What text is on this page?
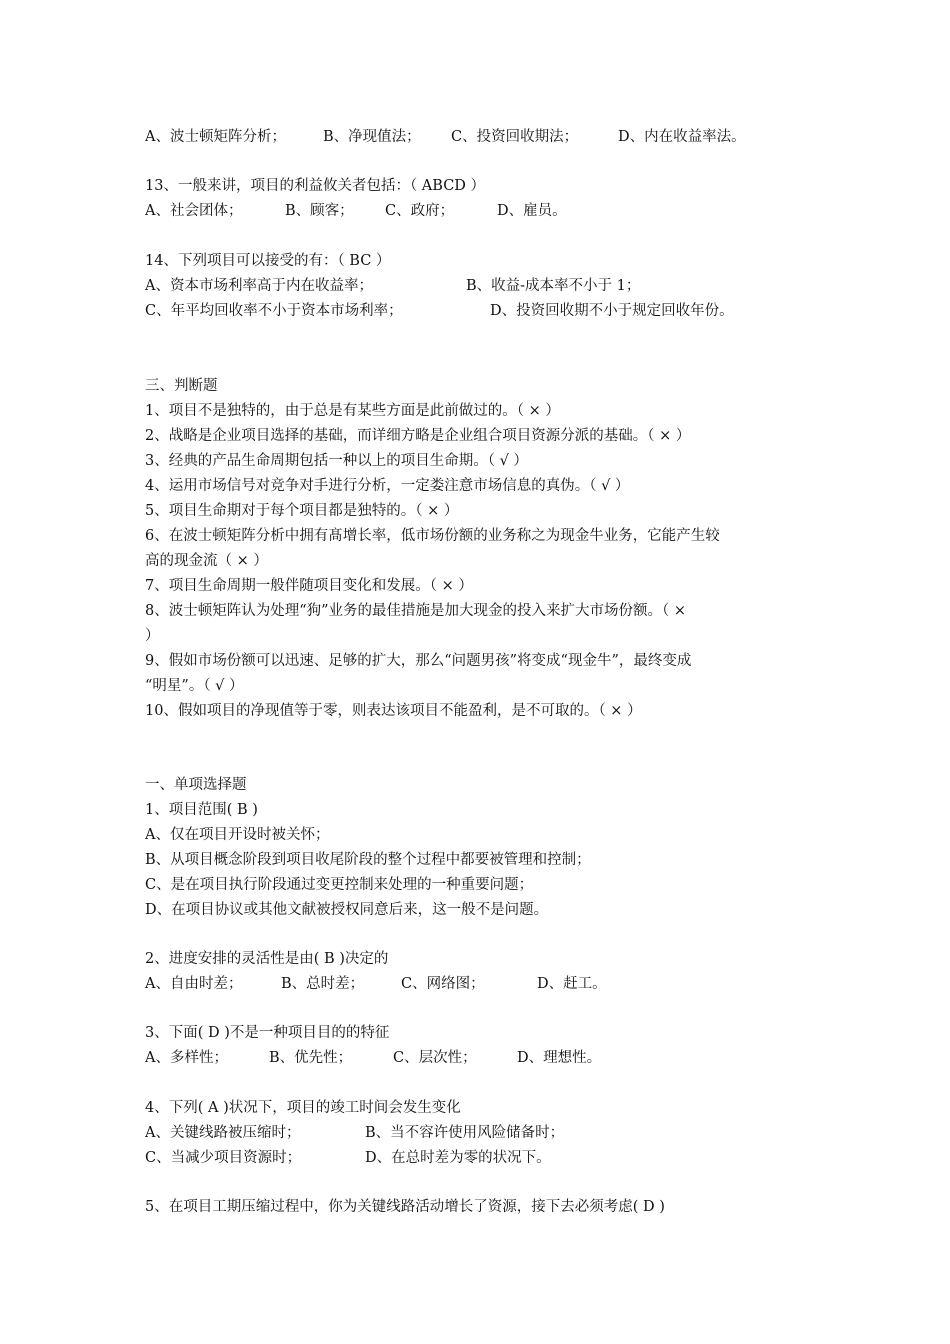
A、波士顿矩阵分析；	B、净现值法； C、投资回收期法；	D、内在收益率法。
13、一般来讲，项目的利益攸关者包括：（ ABCD ）
A、社会团体；	B、顾客； C、政府；	D、雇员。
14、下列项目可以接受的有：（ BC ）
A、资本市场利率高于内在收益率；	B、收益-成本率不小于 1；
C、年平均回收率不小于资本市场利率；	D、投资回收期不小于规定回收年份。
三、判断题
1、项目不是独特的，由于总是有某些方面是此前做过的。（ × ）
2、战略是企业项目选择的基础，而详细方略是企业组合项目资源分派的基础。（ × ）
3、经典的产品生命周期包括一种以上的项目生命期。（ √ ）
4、运用市场信号对竞争对手进行分析，一定娄注意市场信息的真伪。（ √ ）
5、项目生命期对于每个项目都是独特的。（ × ）
6、在波士顿矩阵分析中拥有髙增长率，低市场份额的业务称之为现金牛业务，它能产生较
高的现金流（ × ）
7、项目生命周期一般伴随项目变化和发展。（ × ）
8、波士顿矩阵认为处理“狗”业务的最佳措施是加大现金的投入来扩大市场份额。（ ×
）
9、假如市场份额可以迅速、足够的扩大，那么“问题男孩”将变成“现金牛”，最终变成
“明星”。（ √ ）
10、假如项目的净现值等于零，则表达该项目不能盈利，是不可取的。（ × ）
一、单项选择题
1、项目范围( B )
A、仅在项目开设时被关怀；
B、从项目概念阶段到项目收尾阶段的整个过程中都要被管理和控制；
C、是在项目执行阶段通过变更控制来处理的一种重要问题；
D、在项目协议或其他文献被授权同意后来，这一般不是问题。
2、进度安排的灵活性是由( B )决定的
A、自由时差；	B、总时差；	C、网络图；	D、赶工。
3、下面( D )不是一种项目目的的特征
A、多样性；	B、优先性；	C、层次性；	D、理想性。
4、下列( A )状况下，项目的竣工时间会发生变化
A、关键线路被压缩时；	B、当不容许使用风险储备时；
C、当减少项目资源时；	D、在总时差为零的状况下。
5、在项目工期压缩过程中，你为关键线路活动增长了资源，接下去必须考虑( D )
